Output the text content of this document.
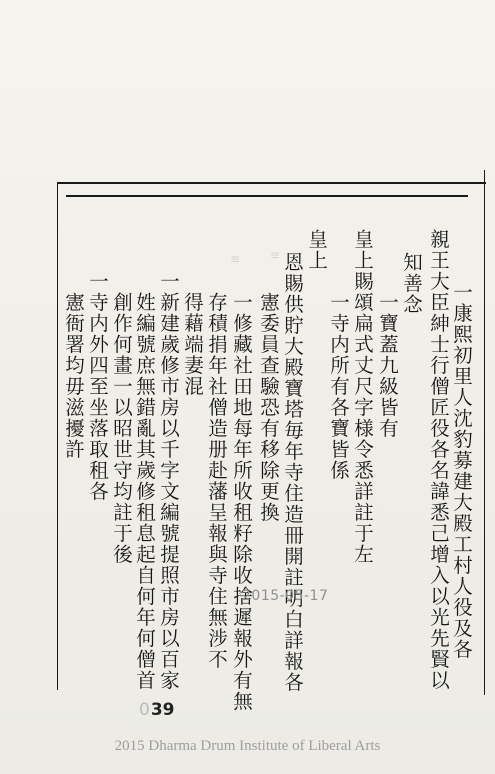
≡ ≡
一康熙初里人沈豹募建大殿工村人役及各
親王大臣紳士行僧匠役各名諱悉己增入以光先賢以
知善念
一寶蓋九級皆有
皇上賜頌扁式丈尺字様令悉詳註于左
一寺内所有各寶皆係
皇上
恩賜供貯大殿寶塔毎年寺住造冊開註明白詳報各
憲委員查驗恐有移除更換
一修藏社田地每年所收租籽除收捨遲報外有無
存積捐年社僧造册赴藩呈報與寺住無涉不
得藉端妻混
一新建歲修市房以千字文編號提照市房以百家
姓編號庶無錯亂其歲修租息起自何年何僧首
創作何畫一以昭世守均註于後
一寺内外四至坐落取租各
憲衙署均毋滋擾許
2015-05-17
039
2015 Dharma Drum Institute of Liberal Arts
